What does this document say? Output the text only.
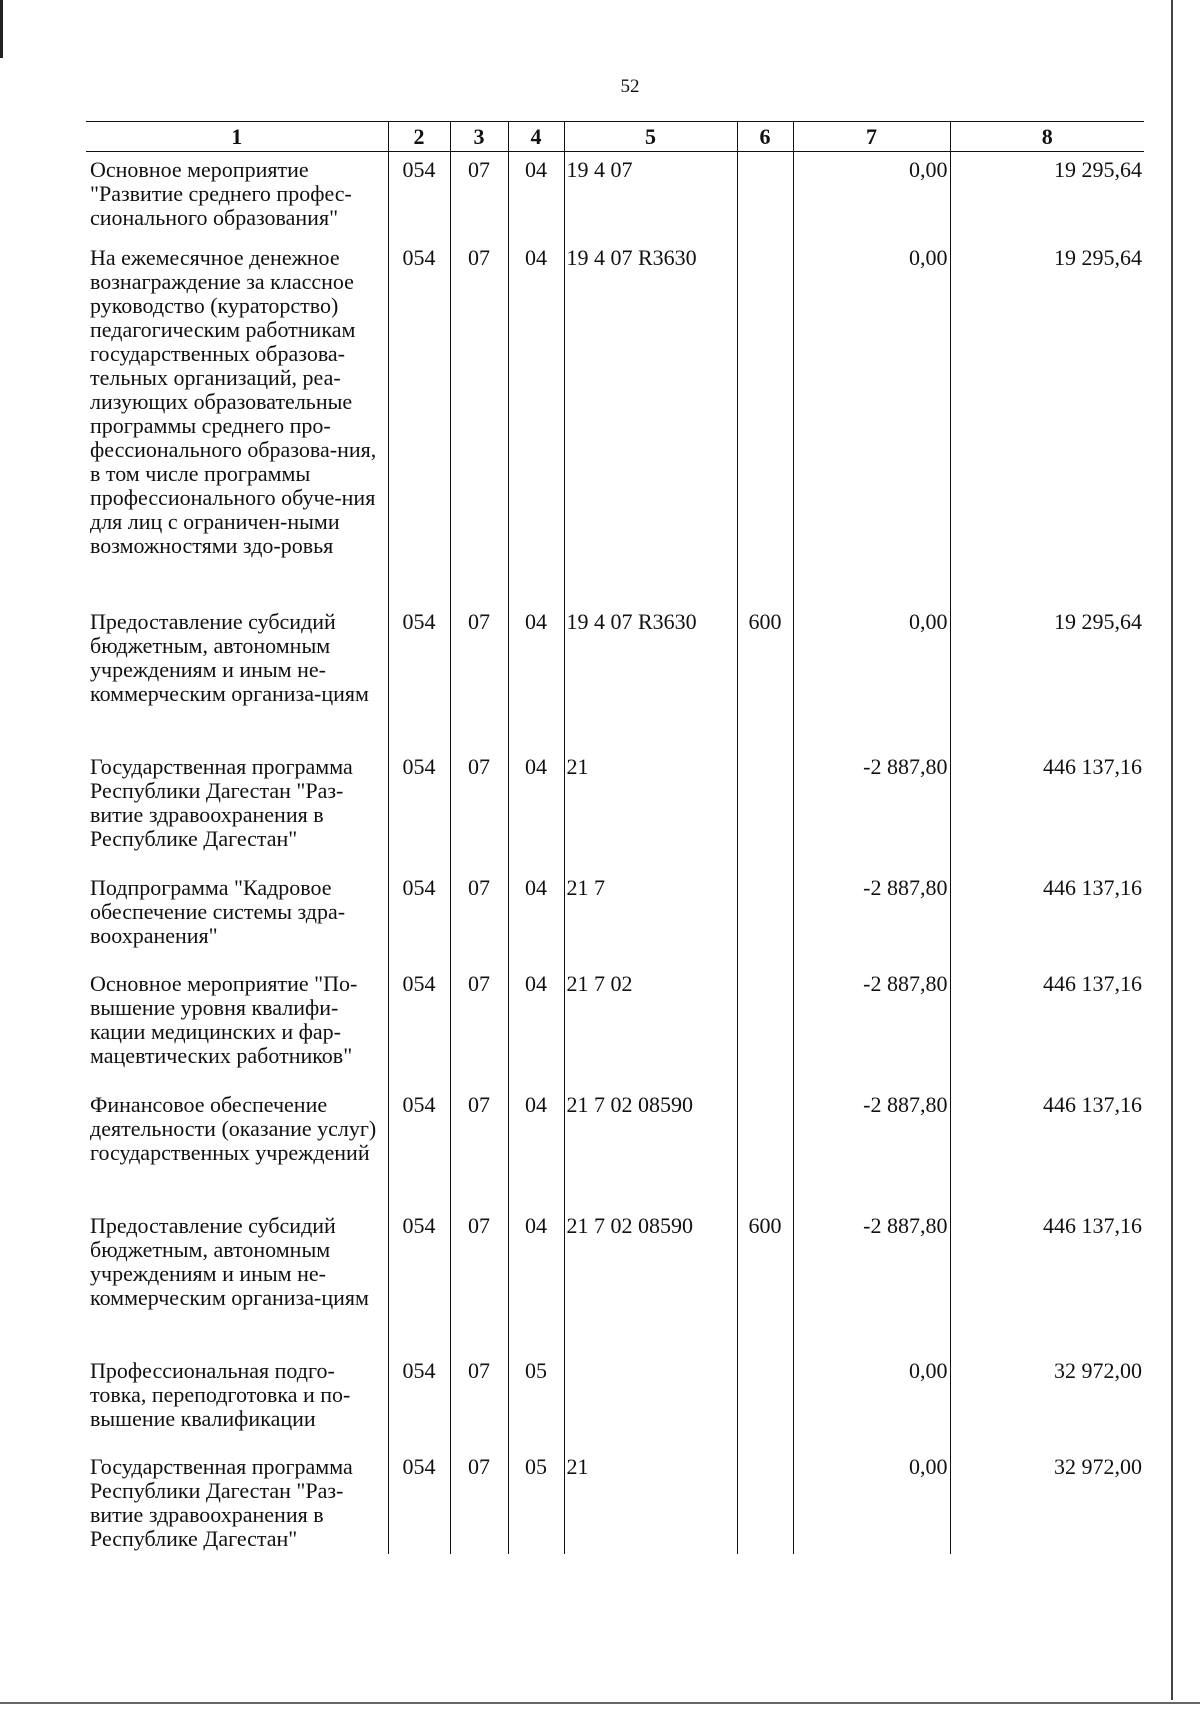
52
1	2	3	4	5	6	7	8
Основное мероприятие "Развитие среднего профес-сионального образования"	054	07	04	19 4 07		0,00	19 295,64
На ежемесячное денежное вознаграждение за классное руководство (кураторство) педагогическим работникам государственных образова-тельных организаций, реа-лизующих образовательные программы среднего про-фессионального образова-ния, в том числе программы профессионального обуче-ния для лиц с ограничен-ными возможностями здо-ровья	054	07	04	19 4 07 R3630		0,00	19 295,64
Предоставление субсидий бюджетным, автономным учреждениям и иным не-коммерческим организа-циям	054	07	04	19 4 07 R3630	600	0,00	19 295,64
Государственная программа Республики Дагестан "Раз-витие здравоохранения в Республике Дагестан"	054	07	04	21		-2 887,80	446 137,16
Подпрограмма "Кадровое обеспечение системы здра-воохранения"	054	07	04	21 7		-2 887,80	446 137,16
Основное мероприятие "По-вышение уровня квалифи-кации медицинских и фар-мацевтических работников"	054	07	04	21 7 02		-2 887,80	446 137,16
Финансовое обеспечение деятельности (оказание услуг) государственных учреждений	054	07	04	21 7 02 08590		-2 887,80	446 137,16
Предоставление субсидий бюджетным, автономным учреждениям и иным не-коммерческим организа-циям	054	07	04	21 7 02 08590	600	-2 887,80	446 137,16
Профессиональная подго-товка, переподготовка и по-вышение квалификации	054	07	05			0,00	32 972,00
Государственная программа Республики Дагестан "Раз-витие здравоохранения в Республике Дагестан"	054	07	05	21		0,00	32 972,00
